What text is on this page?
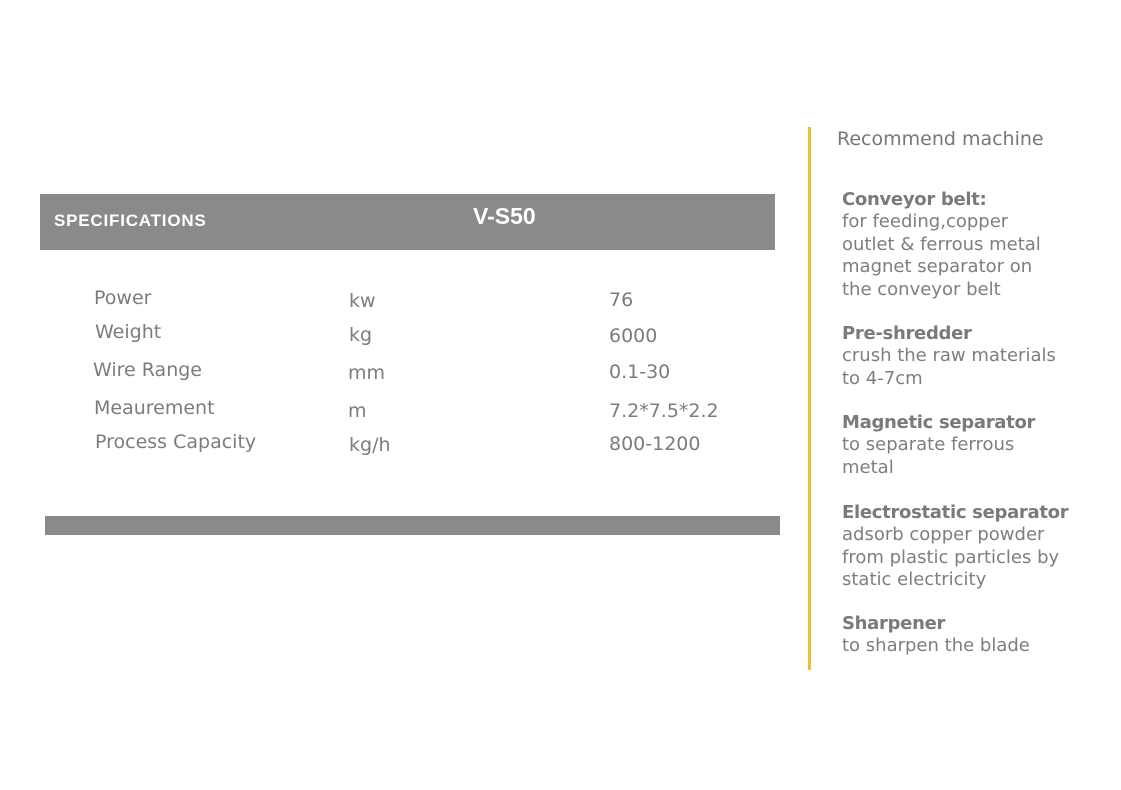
SPECIFICATIONS	V-S50
Power	kw	76
Weight	kg	6000
Wire Range	mm	0.1-30
Meaurement	m	7.2*7.5*2.2
Process Capacity	kg/h	800-1200
Recommend machine
Conveyor belt:
for feeding,copper
outlet & ferrous metal
magnet separator on
the conveyor belt
Pre-shredder
crush the raw materials
to 4-7cm
Magnetic separator
to separate ferrous
metal
Electrostatic separator
adsorb copper powder
from plastic particles by
static electricity
Sharpener
to sharpen the blade
